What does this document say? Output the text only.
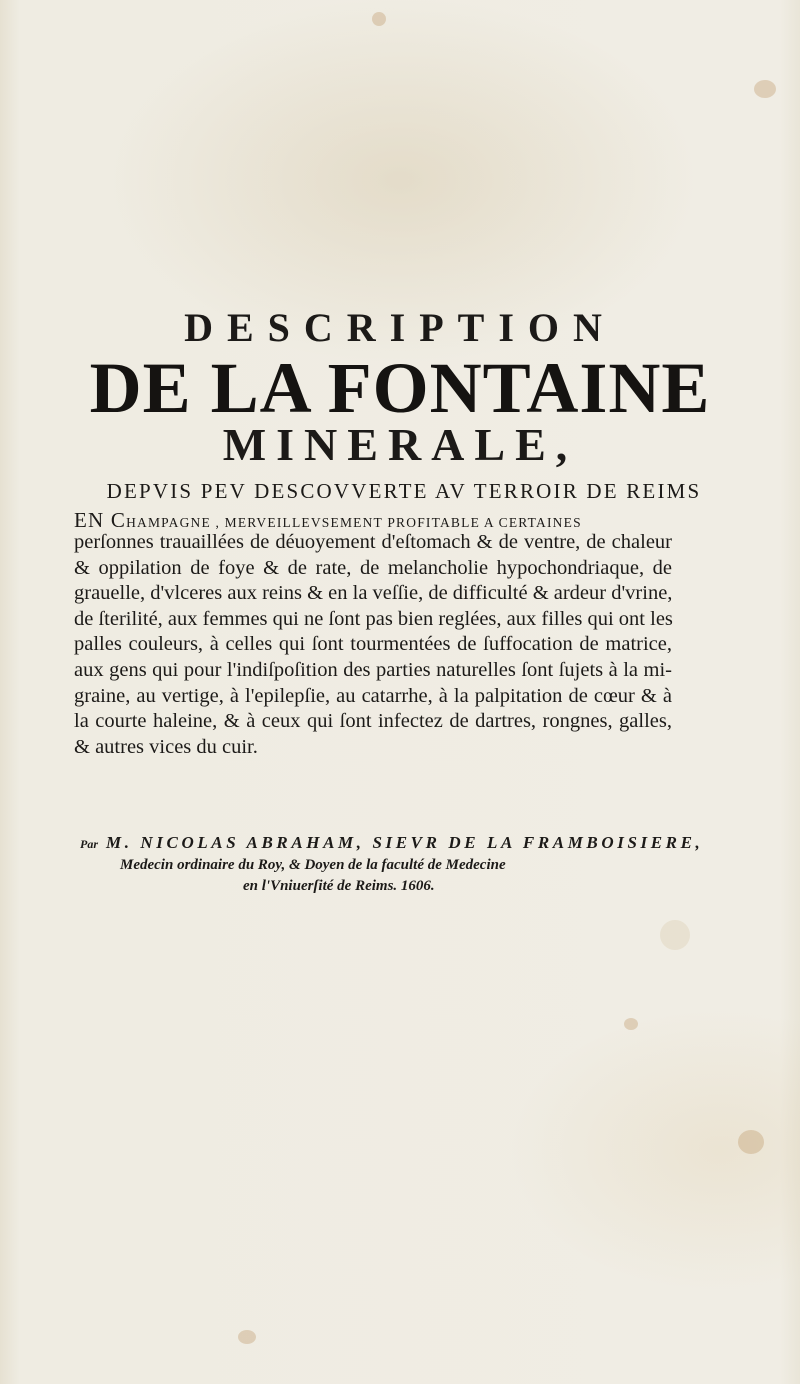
DESCRIPTION
DE LA FONTAINE
MINERALE,
DEPVIS PEV DESCOVVERTE AV TERROIR DE REIMS
EN CHAMPAGNE , MERVEILLEVSEMENT PROFITABLE A CERTAINES
perſonnes trauaillées de déuoyement d'eſtomach & de ventre, de chaleur
& oppilation de foye & de rate, de melancholie hypochondriaque, de
grauelle, d'vlceres aux reins & en la veſſie, de difficulté & ardeur d'vrine,
de ſterilité, aux femmes qui ne ſont pas bien reglées, aux filles qui ont les
palles couleurs, à celles qui ſont tourmentées de ſuffocation de matrice,
aux gens qui pour l'indiſpoſition des parties naturelles ſont ſujets à la mi-
graine, au vertige, à l'epilepſie, au catarrhe, à la palpitation de cœur & à
la courte haleine, & à ceux qui ſont infectez de dartres, rongnes, galles,
& autres vices du cuir.
Par M. NICOLAS ABRAHAM, SIEVR DE LA FRAMBOISIERE,
Medecin ordinaire du Roy, & Doyen de la faculté de Medecine
en l'Vniuerſité de Reims. 1606.
